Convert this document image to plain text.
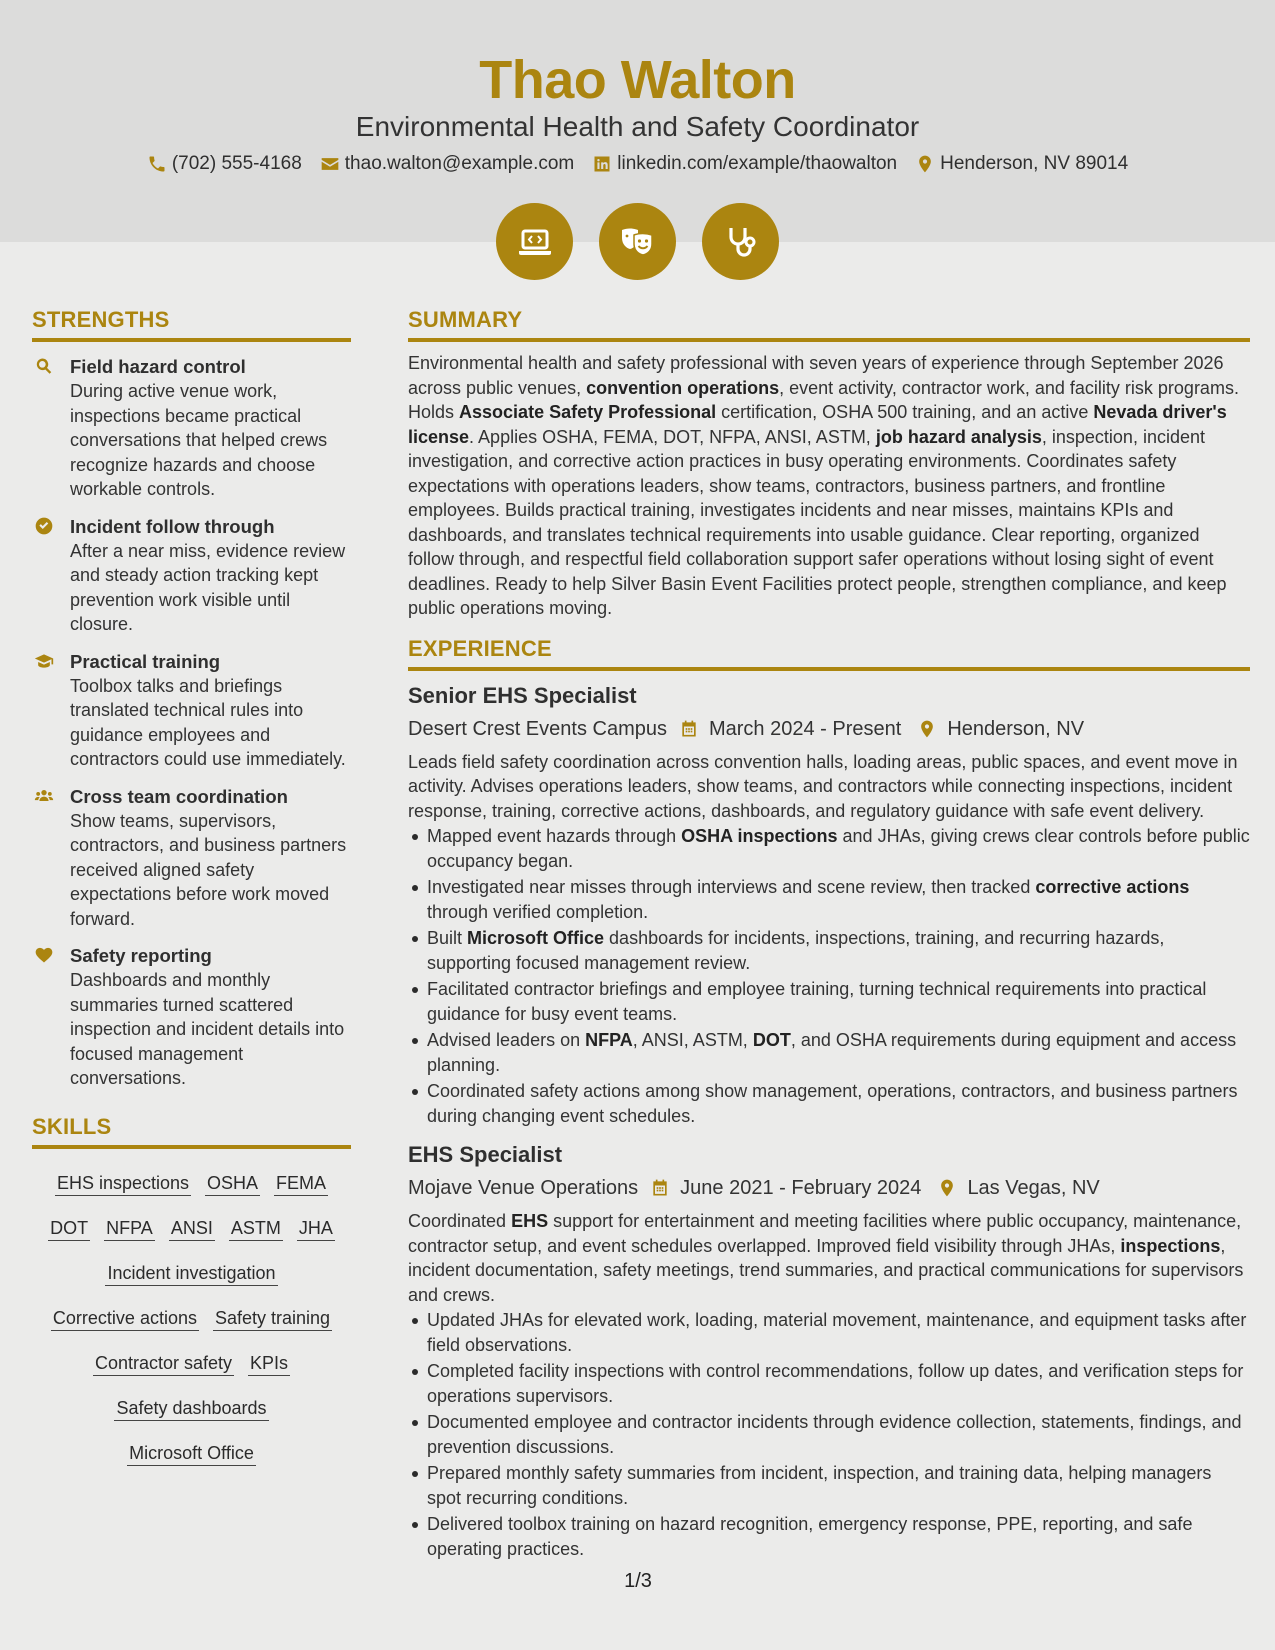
Thao Walton
Environmental Health and Safety Coordinator
(702) 555-4168 thao.walton@example.com linkedin.com/example/thaowalton Henderson, NV 89014
STRENGTHS
Field hazard control
During active venue work, inspections became practical conversations that helped crews recognize hazards and choose workable controls.
Incident follow through
After a near miss, evidence review and steady action tracking kept prevention work visible until closure.
Practical training
Toolbox talks and briefings translated technical rules into guidance employees and contractors could use immediately.
Cross team coordination
Show teams, supervisors, contractors, and business partners received aligned safety expectations before work moved forward.
Safety reporting
Dashboards and monthly summaries turned scattered inspection and incident details into focused management conversations.
SKILLS
EHS inspections OSHA FEMA
DOT NFPA ANSI ASTM JHA
Incident investigation
Corrective actions Safety training
Contractor safety KPIs
Safety dashboards
Microsoft Office
SUMMARY
Environmental health and safety professional with seven years of experience through September 2026 across public venues, convention operations, event activity, contractor work, and facility risk programs. Holds Associate Safety Professional certification, OSHA 500 training, and an active Nevada driver's license. Applies OSHA, FEMA, DOT, NFPA, ANSI, ASTM, job hazard analysis, inspection, incident investigation, and corrective action practices in busy operating environments. Coordinates safety expectations with operations leaders, show teams, contractors, business partners, and frontline employees. Builds practical training, investigates incidents and near misses, maintains KPIs and dashboards, and translates technical requirements into usable guidance. Clear reporting, organized follow through, and respectful field collaboration support safer operations without losing sight of event deadlines. Ready to help Silver Basin Event Facilities protect people, strengthen compliance, and keep public operations moving.
EXPERIENCE
Senior EHS Specialist
Desert Crest Events Campus March 2024 - Present Henderson, NV
Leads field safety coordination across convention halls, loading areas, public spaces, and event move in activity. Advises operations leaders, show teams, and contractors while connecting inspections, incident response, training, corrective actions, dashboards, and regulatory guidance with safe event delivery.
Mapped event hazards through OSHA inspections and JHAs, giving crews clear controls before public occupancy began.
Investigated near misses through interviews and scene review, then tracked corrective actions through verified completion.
Built Microsoft Office dashboards for incidents, inspections, training, and recurring hazards, supporting focused management review.
Facilitated contractor briefings and employee training, turning technical requirements into practical guidance for busy event teams.
Advised leaders on NFPA, ANSI, ASTM, DOT, and OSHA requirements during equipment and access planning.
Coordinated safety actions among show management, operations, contractors, and business partners during changing event schedules.
EHS Specialist
Mojave Venue Operations June 2021 - February 2024 Las Vegas, NV
Coordinated EHS support for entertainment and meeting facilities where public occupancy, maintenance, contractor setup, and event schedules overlapped. Improved field visibility through JHAs, inspections, incident documentation, safety meetings, trend summaries, and practical communications for supervisors and crews.
Updated JHAs for elevated work, loading, material movement, maintenance, and equipment tasks after field observations.
Completed facility inspections with control recommendations, follow up dates, and verification steps for operations supervisors.
Documented employee and contractor incidents through evidence collection, statements, findings, and prevention discussions.
Prepared monthly safety summaries from incident, inspection, and training data, helping managers spot recurring conditions.
Delivered toolbox training on hazard recognition, emergency response, PPE, reporting, and safe operating practices.
1/3
